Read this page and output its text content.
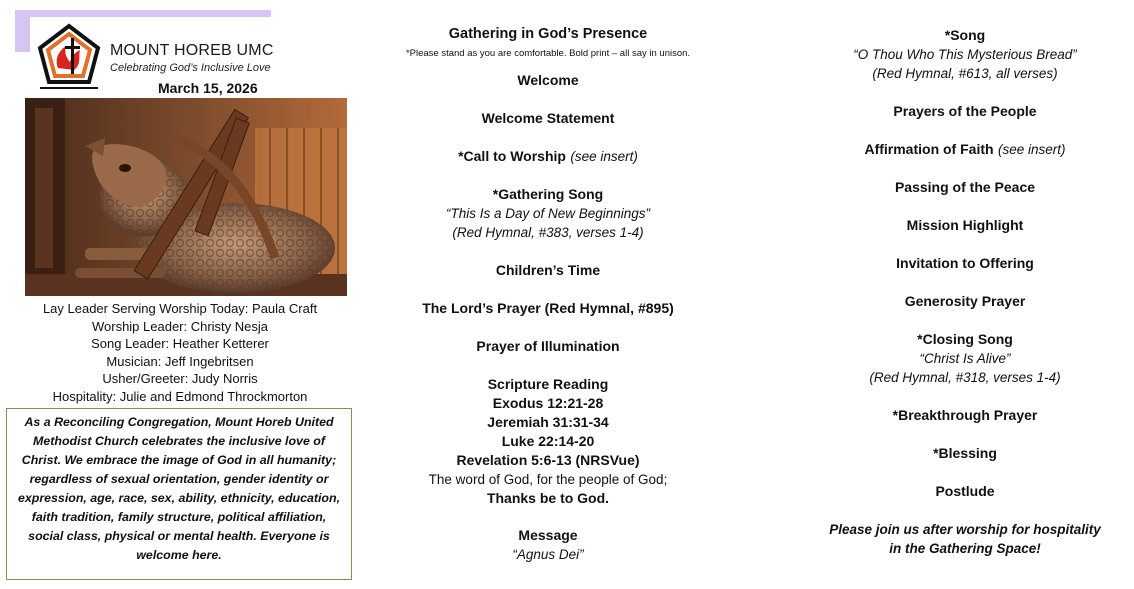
MOUNT HOREB UMC
Celebrating God’s Inclusive Love
March 15, 2026
Lay Leader Serving Worship Today: Paula Craft
Worship Leader: Christy Nesja
Song Leader: Heather Ketterer
Musician: Jeff Ingebritsen
Usher/Greeter: Judy Norris
Hospitality: Julie and Edmond Throckmorton
As a Reconciling Congregation, Mount Horeb United Methodist Church celebrates the inclusive love of Christ. We embrace the image of God in all humanity; regardless of sexual orientation, gender identity or expression, age, race, sex, ability, ethnicity, education, faith tradition, family structure, political affiliation, social class, physical or mental health. Everyone is welcome here.
Gathering in God’s Presence
*Please stand as you are comfortable. Bold print – all say in unison.
Welcome
Welcome Statement
*Call to Worship (see insert)
*Gathering Song
“This Is a Day of New Beginnings”
(Red Hymnal, #383, verses 1-4)
Children’s Time
The Lord’s Prayer (Red Hymnal, #895)
Prayer of Illumination
Scripture Reading
Exodus 12:21-28
Jeremiah 31:31-34
Luke 22:14-20
Revelation 5:6-13 (NRSVue)
The word of God, for the people of God;
Thanks be to God.
Message
“Agnus Dei”
*Song
“O Thou Who This Mysterious Bread”
(Red Hymnal, #613, all verses)
Prayers of the People
Affirmation of Faith (see insert)
Passing of the Peace
Mission Highlight
Invitation to Offering
Generosity Prayer
*Closing Song
“Christ Is Alive”
(Red Hymnal, #318, verses 1-4)
*Breakthrough Prayer
*Blessing
Postlude
Please join us after worship for hospitality
in the Gathering Space!
